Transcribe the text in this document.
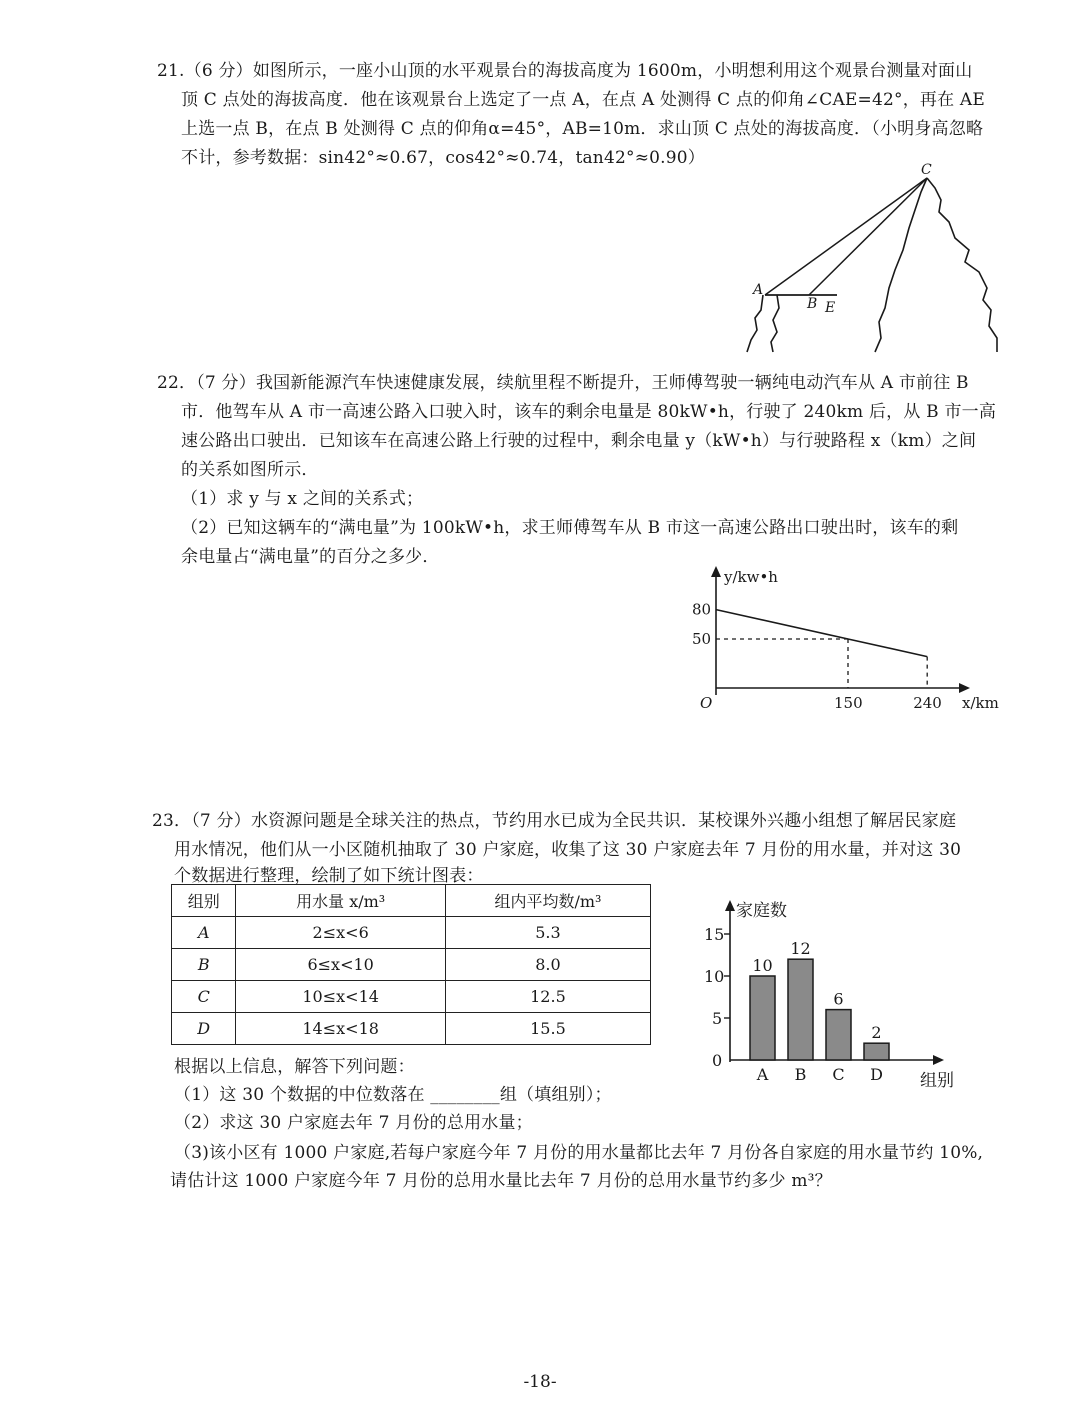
21.（6 分）如图所示，一座小山顶的水平观景台的海拔高度为 1600m，小明想利用这个观景台测量对面山
顶 C 点处的海拔高度．他在该观景台上选定了一点 A，在点 A 处测得 C 点的仰角∠CAE=42°，再在 AE
上选一点 B，在点 B 处测得 C 点的仰角α=45°，AB=10m．求山顶 C 点处的海拔高度．（小明身高忽略
不计，参考数据：sin42°≈0.67，cos42°≈0.74，tan42°≈0.90）
C
A
B E
22．（7 分）我国新能源汽车快速健康发展，续航里程不断提升，王师傅驾驶一辆纯电动汽车从 A 市前往 B
市．他驾车从 A 市一高速公路入口驶入时，该车的剩余电量是 80kW•h，行驶了 240km 后，从 B 市一高
速公路出口驶出．已知该车在高速公路上行驶的过程中，剩余电量 y（kW•h）与行驶路程 x（km）之间
的关系如图所示．
（1）求 y 与 x 之间的关系式；
（2）已知这辆车的“满电量”为 100kW•h，求王师傅驾车从 B 市这一高速公路出口驶出时，该车的剩
余电量占“满电量”的百分之多少．
y/kw•h
x/km
O
80
50
150	240
23．（7 分）水资源问题是全球关注的热点，节约用水已成为全民共识．某校课外兴趣小组想了解居民家庭
用水情况，他们从一小区随机抽取了 30 户家庭，收集了这 30 户家庭去年 7 月份的用水量，并对这 30
个数据进行整理，绘制了如下统计图表：
组别	用水量 x/m³	组内平均数/m³
A	2≤x<6	5.3
B	6≤x<10	8.0
C	10≤x<14	12.5
D	14≤x<18	15.5
家庭数
组别
0
5
10
15
10
A
12
B
6
C
2
D
根据以上信息，解答下列问题：
（1）这 30 个数据的中位数落在 ________组（填组别）；
（2）求这 30 户家庭去年 7 月份的总用水量；
（3)该小区有 1000 户家庭,若每户家庭今年 7 月份的用水量都比去年 7 月份各自家庭的用水量节约 10%,
请估计这 1000 户家庭今年 7 月份的总用水量比去年 7 月份的总用水量节约多少 m³？
-18-
